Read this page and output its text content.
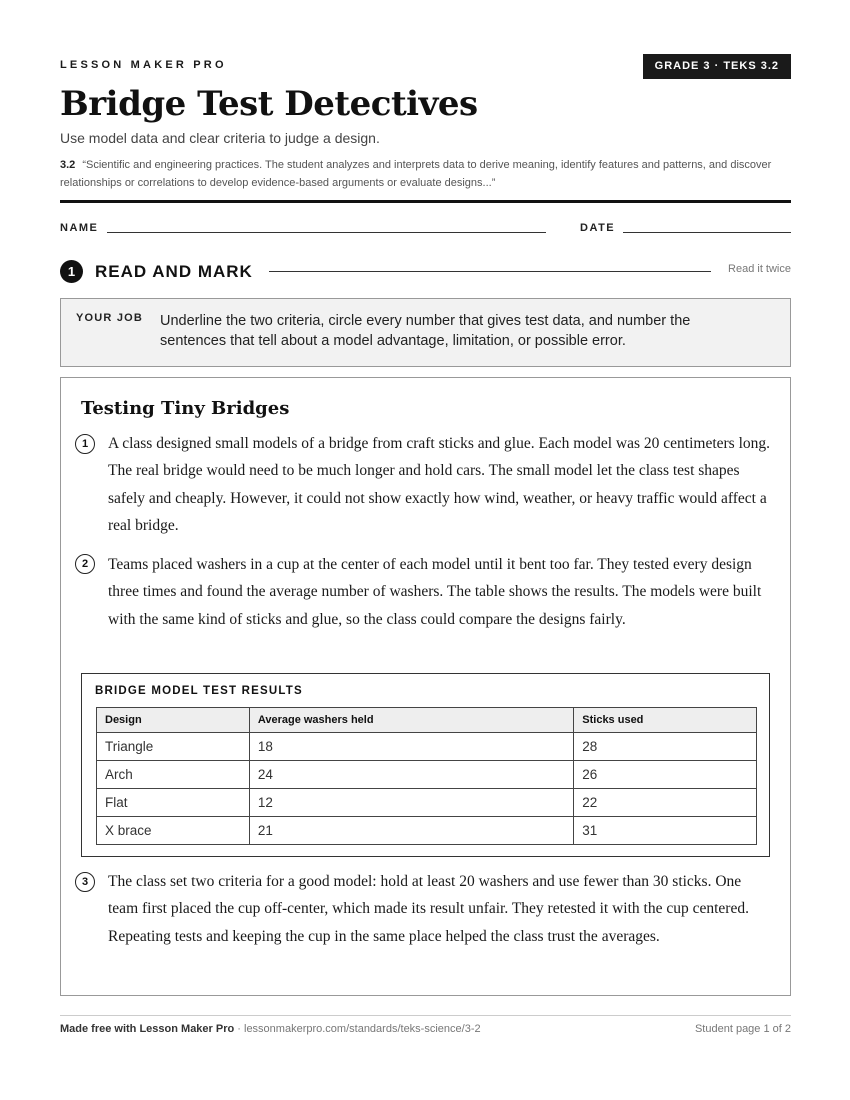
LESSON MAKER PRO	GRADE 3 · TEKS 3.2
Bridge Test Detectives
Use model data and clear criteria to judge a design.
3.2 “Scientific and engineering practices. The student analyzes and interprets data to derive meaning, identify features and patterns, and discover relationships or correlations to develop evidence-based arguments or evaluate designs...”
NAME	DATE
1	READ AND MARK	Read it twice
YOUR JOB Underline the two criteria, circle every number that gives test data, and number the sentences that tell about a model advantage, limitation, or possible error.
Testing Tiny Bridges
1	A class designed small models of a bridge from craft sticks and glue. Each model was 20 centimeters long. The real bridge would need to be much longer and hold cars. The small model let the class test shapes safely and cheaply. However, it could not show exactly how wind, weather, or heavy traffic would affect a real bridge.
2	Teams placed washers in a cup at the center of each model until it bent too far. They tested every design three times and found the average number of washers. The table shows the results. The models were built with the same kind of sticks and glue, so the class could compare the designs fairly.
BRIDGE MODEL TEST RESULTS
Design	Average washers held	Sticks used
Triangle	18	28
Arch	24	26
Flat	12	22
X brace	21	31
3	The class set two criteria for a good model: hold at least 20 washers and use fewer than 30 sticks. One team first placed the cup off-center, which made its result unfair. They retested it with the cup centered. Repeating tests and keeping the cup in the same place helped the class trust the averages.
Made free with Lesson Maker Pro · lessonmakerpro.com/standards/teks-science/3-2	Student page 1 of 2
